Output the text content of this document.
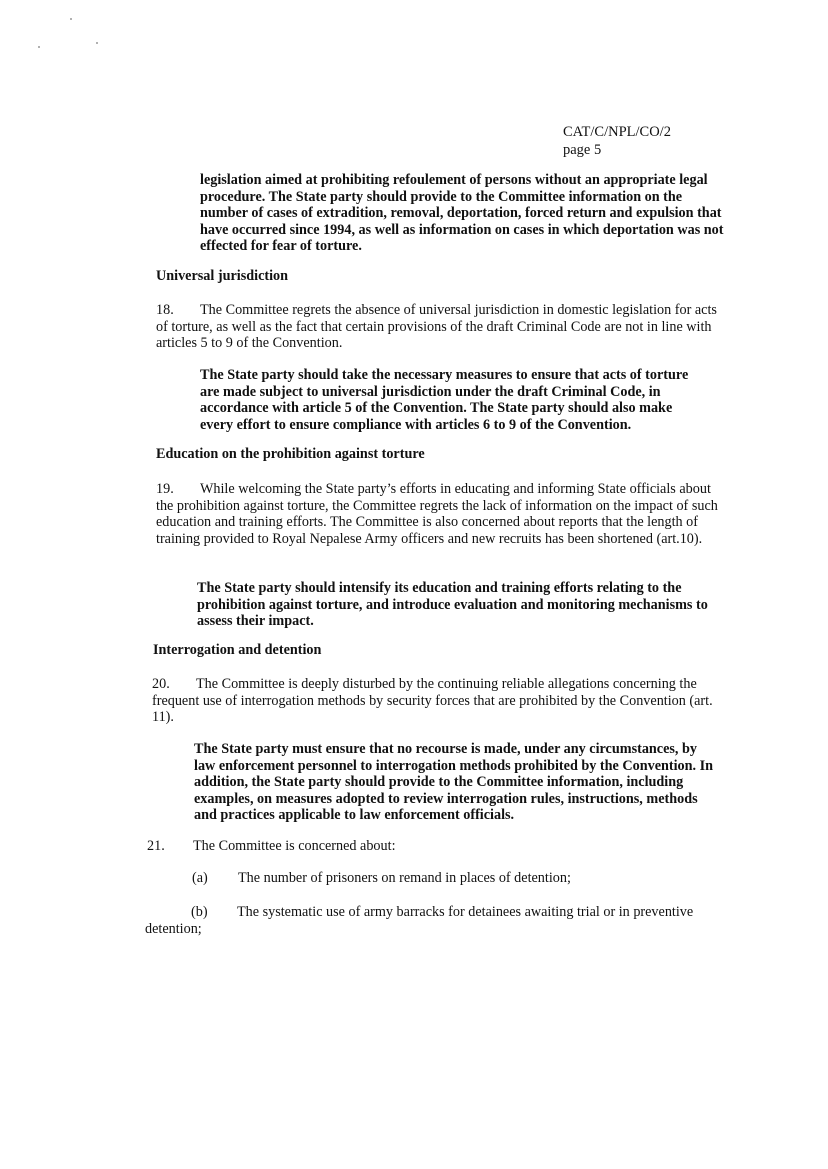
CAT/C/NPL/CO/2
page 5

legislation aimed at prohibiting refoulement of persons without an appropriate legal procedure. The State party should provide to the Committee information on the number of cases of extradition, removal, deportation, forced return and expulsion that have occurred since 1994, as well as information on cases in which deportation was not effected for fear of torture.

Universal jurisdiction

18. The Committee regrets the absence of universal jurisdiction in domestic legislation for acts of torture, as well as the fact that certain provisions of the draft Criminal Code are not in line with articles 5 to 9 of the Convention.

The State party should take the necessary measures to ensure that acts of torture are made subject to universal jurisdiction under the draft Criminal Code, in accordance with article 5 of the Convention. The State party should also make every effort to ensure compliance with articles 6 to 9 of the Convention.

Education on the prohibition against torture

19. While welcoming the State party’s efforts in educating and informing State officials about the prohibition against torture, the Committee regrets the lack of information on the impact of such education and training efforts. The Committee is also concerned about reports that the length of training provided to Royal Nepalese Army officers and new recruits has been shortened (art.10).

The State party should intensify its education and training efforts relating to the prohibition against torture, and introduce evaluation and monitoring mechanisms to assess their impact.

Interrogation and detention

20. The Committee is deeply disturbed by the continuing reliable allegations concerning the frequent use of interrogation methods by security forces that are prohibited by the Convention (art. 11).

The State party must ensure that no recourse is made, under any circumstances, by law enforcement personnel to interrogation methods prohibited by the Convention. In addition, the State party should provide to the Committee information, including examples, on measures adopted to review interrogation rules, instructions, methods and practices applicable to law enforcement officials.

21. The Committee is concerned about:
(a) The number of prisoners on remand in places of detention;

(b) The systematic use of army barracks for detainees awaiting trial or in preventive detention;
